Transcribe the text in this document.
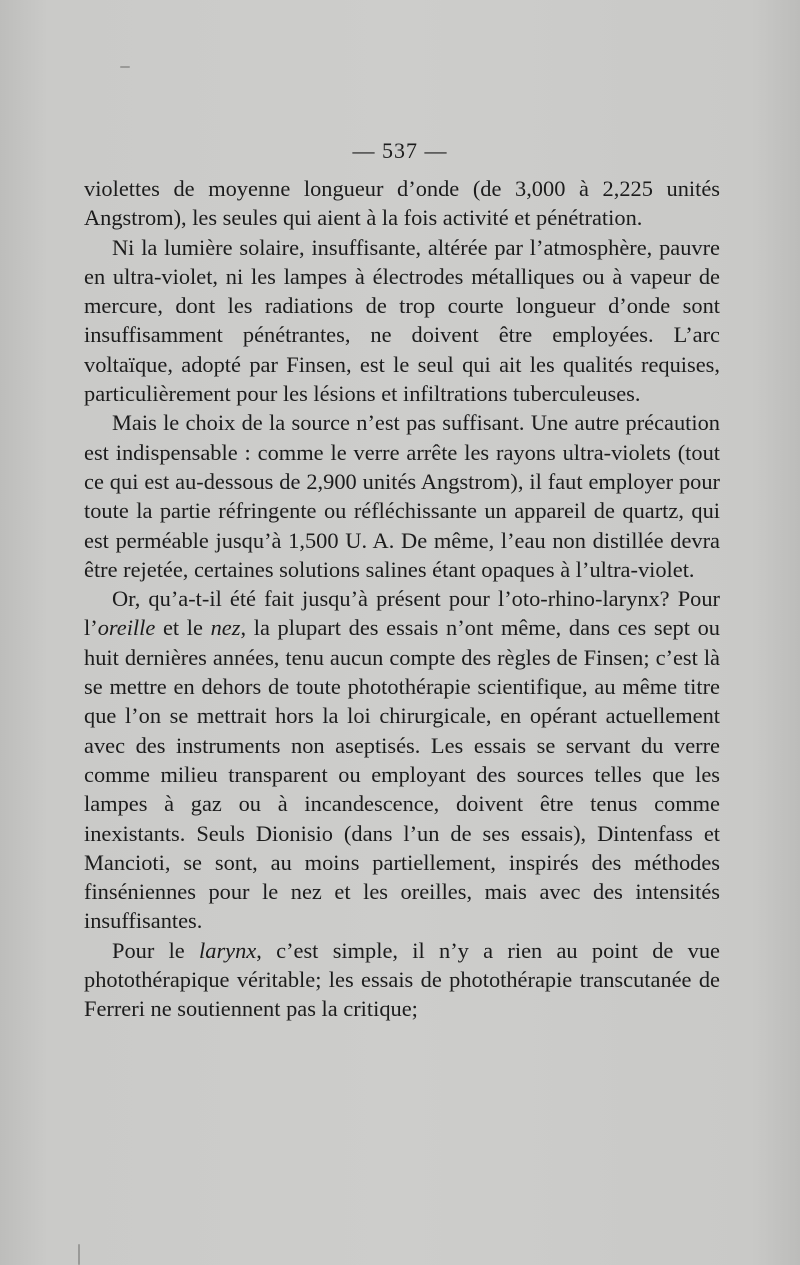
— 537 —

violettes de moyenne longueur d’onde (de 3,000 à 2,225 unités Angstrom), les seules qui aient à la fois activité et pénétration.

Ni la lumière solaire, insuffisante, altérée par l’atmosphère, pauvre en ultra-violet, ni les lampes à électrodes métalliques ou à vapeur de mercure, dont les radiations de trop courte longueur d’onde sont insuffisamment pénétrantes, ne doivent être employées. L’arc voltaïque, adopté par Finsen, est le seul qui ait les qualités requises, particulièrement pour les lésions et infiltrations tuberculeuses.

Mais le choix de la source n’est pas suffisant. Une autre précaution est indispensable : comme le verre arrête les rayons ultra-violets (tout ce qui est au-dessous de 2,900 unités Angstrom), il faut employer pour toute la partie réfringente ou réfléchissante un appareil de quartz, qui est perméable jusqu’à 1,500 U. A. De même, l’eau non distillée devra être rejetée, certaines solutions salines étant opaques à l’ultra-violet.

Or, qu’a-t-il été fait jusqu’à présent pour l’oto-rhino-larynx? Pour l’oreille et le nez, la plupart des essais n’ont même, dans ces sept ou huit dernières années, tenu aucun compte des règles de Finsen; c’est là se mettre en dehors de toute photothérapie scientifique, au même titre que l’on se mettrait hors la loi chirurgicale, en opérant actuellement avec des instruments non aseptisés. Les essais se servant du verre comme milieu transparent ou employant des sources telles que les lampes à gaz ou à incandescence, doivent être tenus comme inexistants. Seuls Dionisio (dans l’un de ses essais), Dintenfass et Mancioti, se sont, au moins partiellement, inspirés des méthodes finséniennes pour le nez et les oreilles, mais avec des intensités insuffisantes.

Pour le larynx, c’est simple, il n’y a rien au point de vue photothérapique véritable; les essais de photothérapie transcutanée de Ferreri ne soutiennent pas la critique;
